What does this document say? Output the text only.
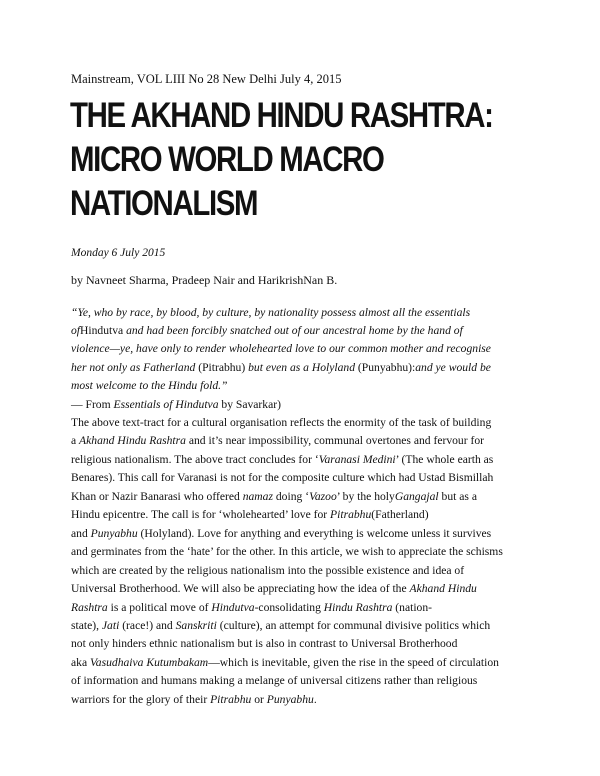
Mainstream, VOL LIII No 28 New Delhi July 4, 2015
THE AKHAND HINDU RASHTRA:
MICRO WORLD MACRO
NATIONALISM
Monday 6 July 2015
by Navneet Sharma, Pradeep Nair and HarikrishNan B.
“Ye, who by race, by blood, by culture, by nationality possess almost all the essentials
ofHindutva and had been forcibly snatched out of our ancestral home by the hand of
violence—ye, have only to render wholehearted love to our common mother and recognise
her not only as Fatherland (Pitrabhu) but even as a Holyland (Punyabhu):and ye would be
most welcome to the Hindu fold.”
— From Essentials of Hindutva by Savarkar)
The above text-tract for a cultural organisation reflects the enormity of the task of building
a Akhand Hindu Rashtra and it’s near impossibility, communal overtones and fervour for
religious nationalism. The above tract concludes for ‘Varanasi Medini’ (The whole earth as
Benares). This call for Varanasi is not for the composite culture which had Ustad Bismillah
Khan or Nazir Banarasi who offered namaz doing ‘Vazoo’ by the holyGangajal but as a
Hindu epicentre. The call is for ‘wholehearted’ love for Pitrabhu(Fatherland)
and Punyabhu (Holyland). Love for anything and everything is welcome unless it survives
and germinates from the ‘hate’ for the other. In this article, we wish to appreciate the schisms
which are created by the religious nationalism into the possible existence and idea of
Universal Brotherhood. We will also be appreciating how the idea of the Akhand Hindu
Rashtra is a political move of Hindutva-consolidating Hindu Rashtra (nation-
state), Jati (race!) and Sanskriti (culture), an attempt for communal divisive politics which
not only hinders ethnic nationalism but is also in contrast to Universal Brotherhood
aka Vasudhaiva Kutumbakam—which is inevitable, given the rise in the speed of circulation
of information and humans making a melange of universal citizens rather than religious
warriors for the glory of their Pitrabhu or Punyabhu.
